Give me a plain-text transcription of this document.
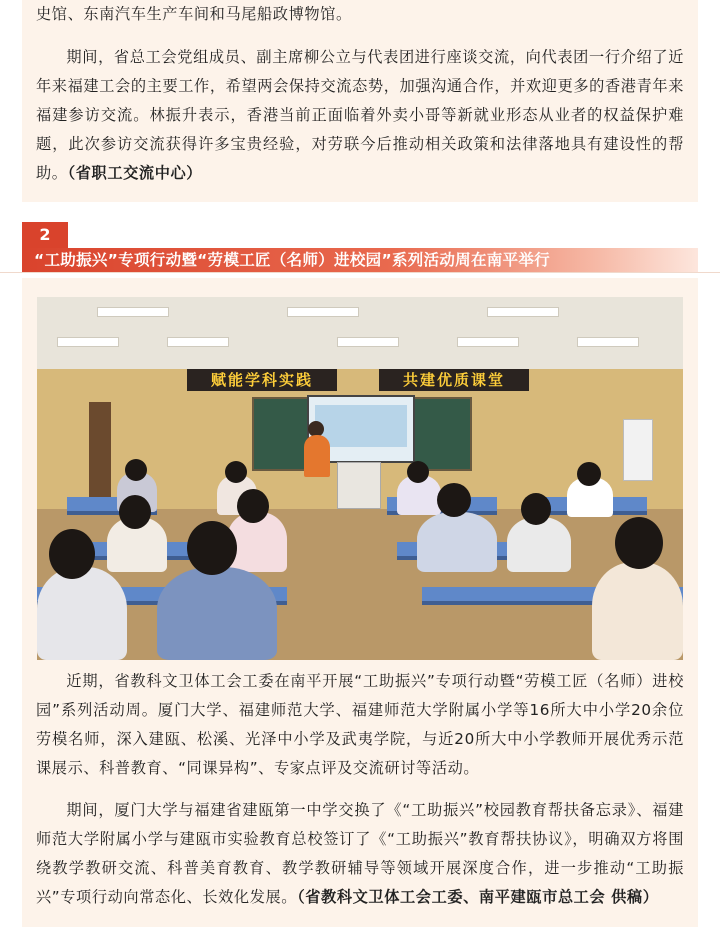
史馆、东南汽车生产车间和马尾船政博物馆。

期间，省总工会党组成员、副主席柳公立与代表团进行座谈交流，向代表团一行介绍了近年来福建工会的主要工作，希望两会保持交流态势，加强沟通合作，并欢迎更多的香港青年来福建参访交流。林振升表示，香港当前正面临着外卖小哥等新就业形态从业者的权益保护难题，此次参访交流获得许多宝贵经验，对劳联今后推动相关政策和法律落地具有建设性的帮助。（省职工交流中心）

2
“工助振兴”专项行动暨“劳模工匠（名师）进校园”系列活动周在南平举行
赋能学科实践	共建优质课堂

近期，省教科文卫体工会工委在南平开展“工助振兴”专项行动暨“劳模工匠（名师）进校园”系列活动周。厦门大学、福建师范大学、福建师范大学附属小学等16所大中小学20余位劳模名师，深入建瓯、松溪、光泽中小学及武夷学院，与近20所大中小学教师开展优秀示范课展示、科普教育、“同课异构”、专家点评及交流研讨等活动。

期间，厦门大学与福建省建瓯第一中学交换了《“工助振兴”校园教育帮扶备忘录》、福建师范大学附属小学与建瓯市实验教育总校签订了《“工助振兴”教育帮扶协议》，明确双方将围绕教学教研交流、科普美育教育、教学教研辅导等领域开展深度合作，进一步推动“工助振兴”专项行动向常态化、长效化发展。（省教科文卫体工会工委、南平建瓯市总工会 供稿）
